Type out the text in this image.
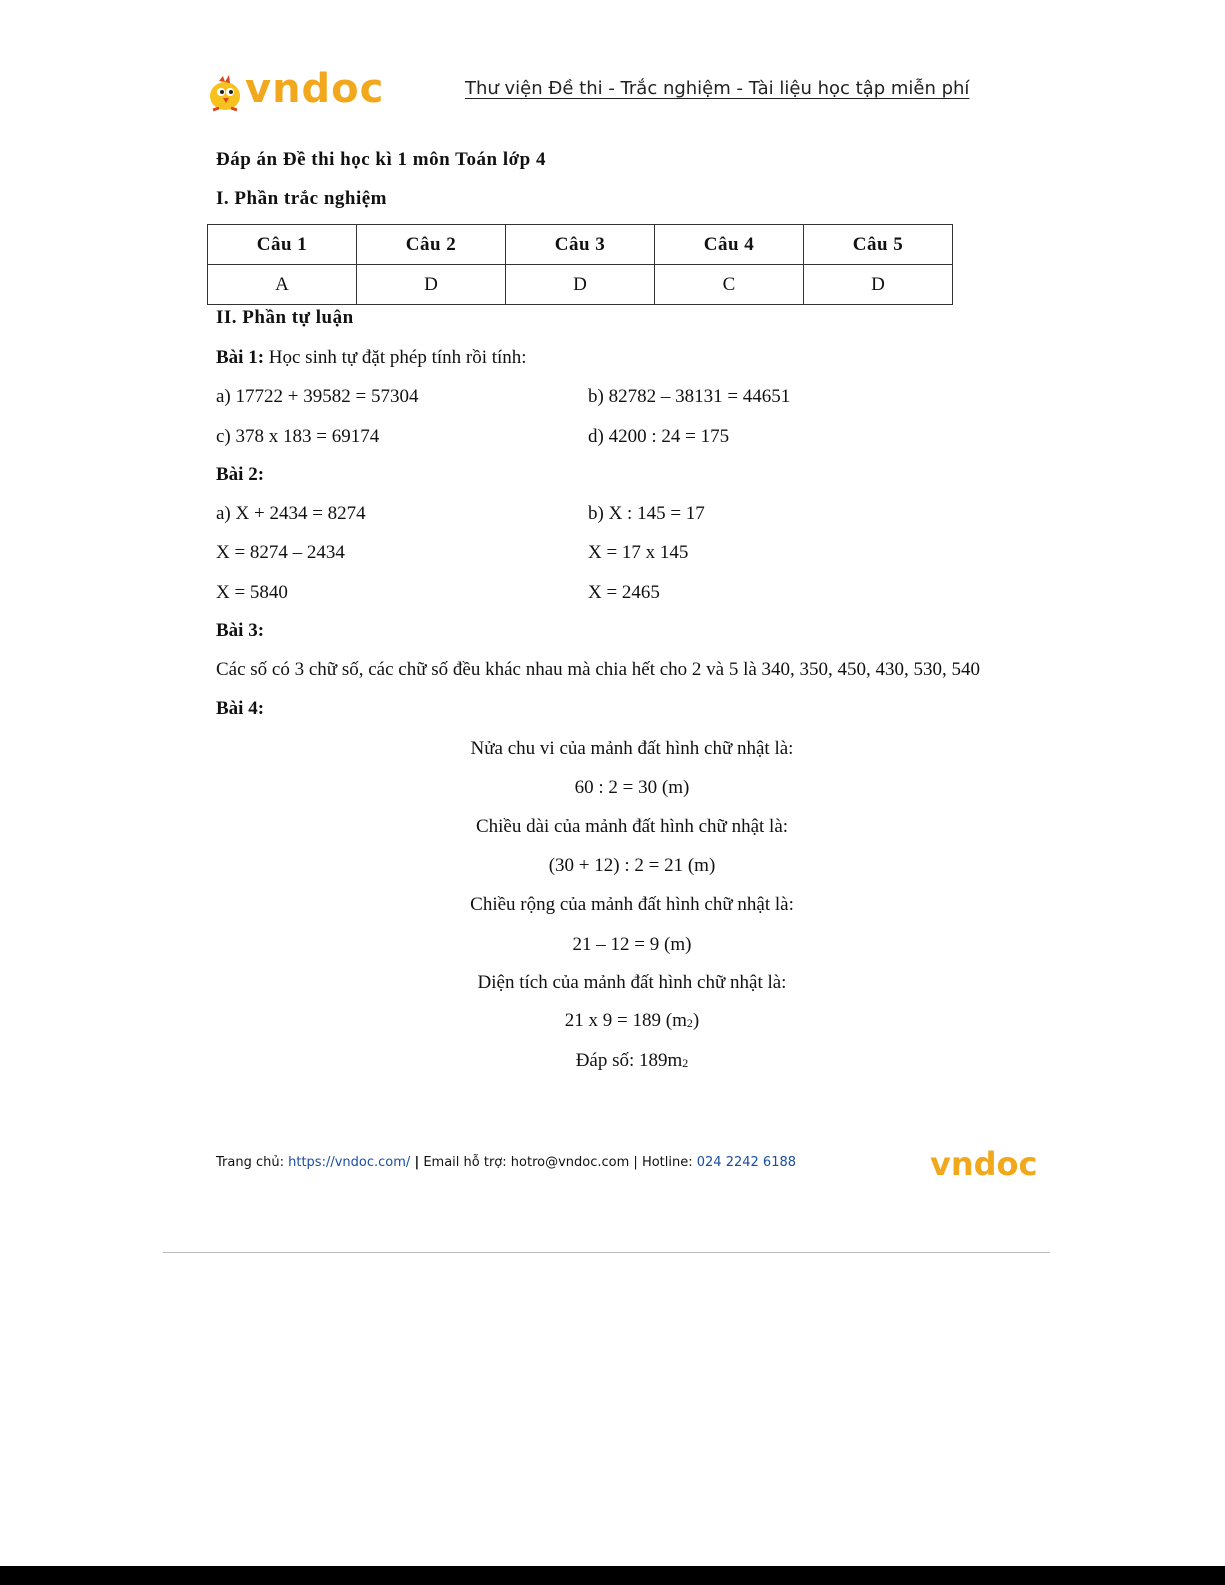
vndoc	Thư viện Đề thi - Trắc nghiệm - Tài liệu học tập miễn phí
Đáp án Đề thi học kì 1 môn Toán lớp 4
I. Phần trắc nghiệm
Câu 1	Câu 2	Câu 3	Câu 4	Câu 5
A	D	D	C	D
II. Phần tự luận
Bài 1: Học sinh tự đặt phép tính rồi tính:
a) 17722 + 39582 = 57304	b) 82782 – 38131 = 44651
c) 378 x 183 = 69174	d) 4200 : 24 = 175
Bài 2:
a) X + 2434 = 8274
X = 8274 – 2434
X = 5840
b) X : 145 = 17
X = 17 x 145
X = 2465
Bài 3:
Các số có 3 chữ số, các chữ số đều khác nhau mà chia hết cho 2 và 5 là 340, 350, 450, 430, 530, 540
Bài 4:
Nửa chu vi của mảnh đất hình chữ nhật là:
60 : 2 = 30 (m)
Chiều dài của mảnh đất hình chữ nhật là:
(30 + 12) : 2 = 21 (m)
Chiều rộng của mảnh đất hình chữ nhật là:
21 – 12 = 9 (m)
Diện tích của mảnh đất hình chữ nhật là:
21 x 9 = 189 $(m_2)$
Đáp số: $189m_2$
Trang chủ: https://vndoc.com/ | Email hỗ trợ: hotro@vndoc.com | Hotline: 024 2242 6188	vndoc
